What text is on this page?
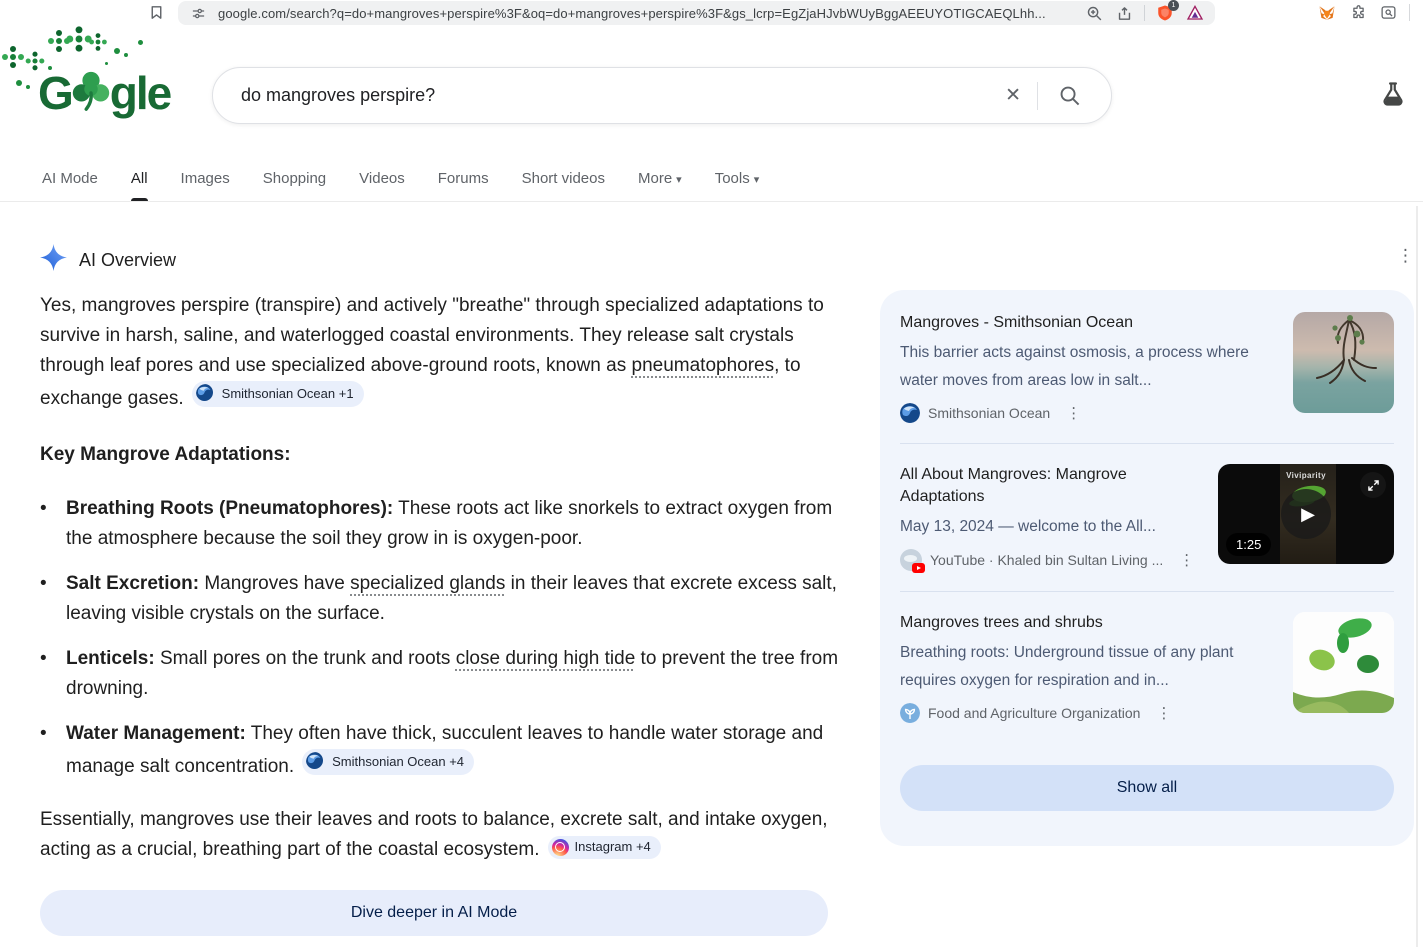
google.com/search?q=do+mangroves+perspire%3F&oq=do+mangroves+perspire%3F&gs_lcrp=EgZjaHJvbWUyBggAEEUYOTIGCAEQLhh...	1
G gle	do mangroves perspire?	✕
AI Mode All Images Shopping Videos Forums Short videos More ▾ Tools ▾
AI Overview	⋮
Yes, mangroves perspire (transpire) and actively "breathe" through specialized adaptations to survive in harsh, saline, and waterlogged coastal environments. They release salt crystals through leaf pores and use specialized above-ground roots, known as pneumatophores, to exchange gases.	Smithsonian Ocean +1
Key Mangrove Adaptations:
•	Breathing Roots (Pneumatophores): These roots act like snorkels to extract oxygen from the atmosphere because the soil they grow in is oxygen-poor.
•	Salt Excretion: Mangroves have specialized glands in their leaves that excrete excess salt, leaving visible crystals on the surface.
•	Lenticels: Small pores on the trunk and roots close during high tide to prevent the tree from drowning.
•	Water Management: They often have thick, succulent leaves to handle water storage and manage salt concentration.	Smithsonian Ocean +4
Essentially, mangroves use their leaves and roots to balance, excrete salt, and intake oxygen, acting as a crucial, breathing part of the coastal ecosystem.	Instagram +4
Dive deeper in AI Mode
Mangroves - Smithsonian Ocean
This barrier acts against osmosis, a process where water moves from areas low in salt...
Smithsonian Ocean ⋮
All About Mangroves: Mangrove Adaptations
May 13, 2024 — welcome to the All...
YouTube · Khaled bin Sultan Living ... ⋮
Viviparity
▶
1:25
Mangroves trees and shrubs
Breathing roots: Underground tissue of any plant requires oxygen for respiration and in...
Food and Agriculture Organization ⋮
Show all
